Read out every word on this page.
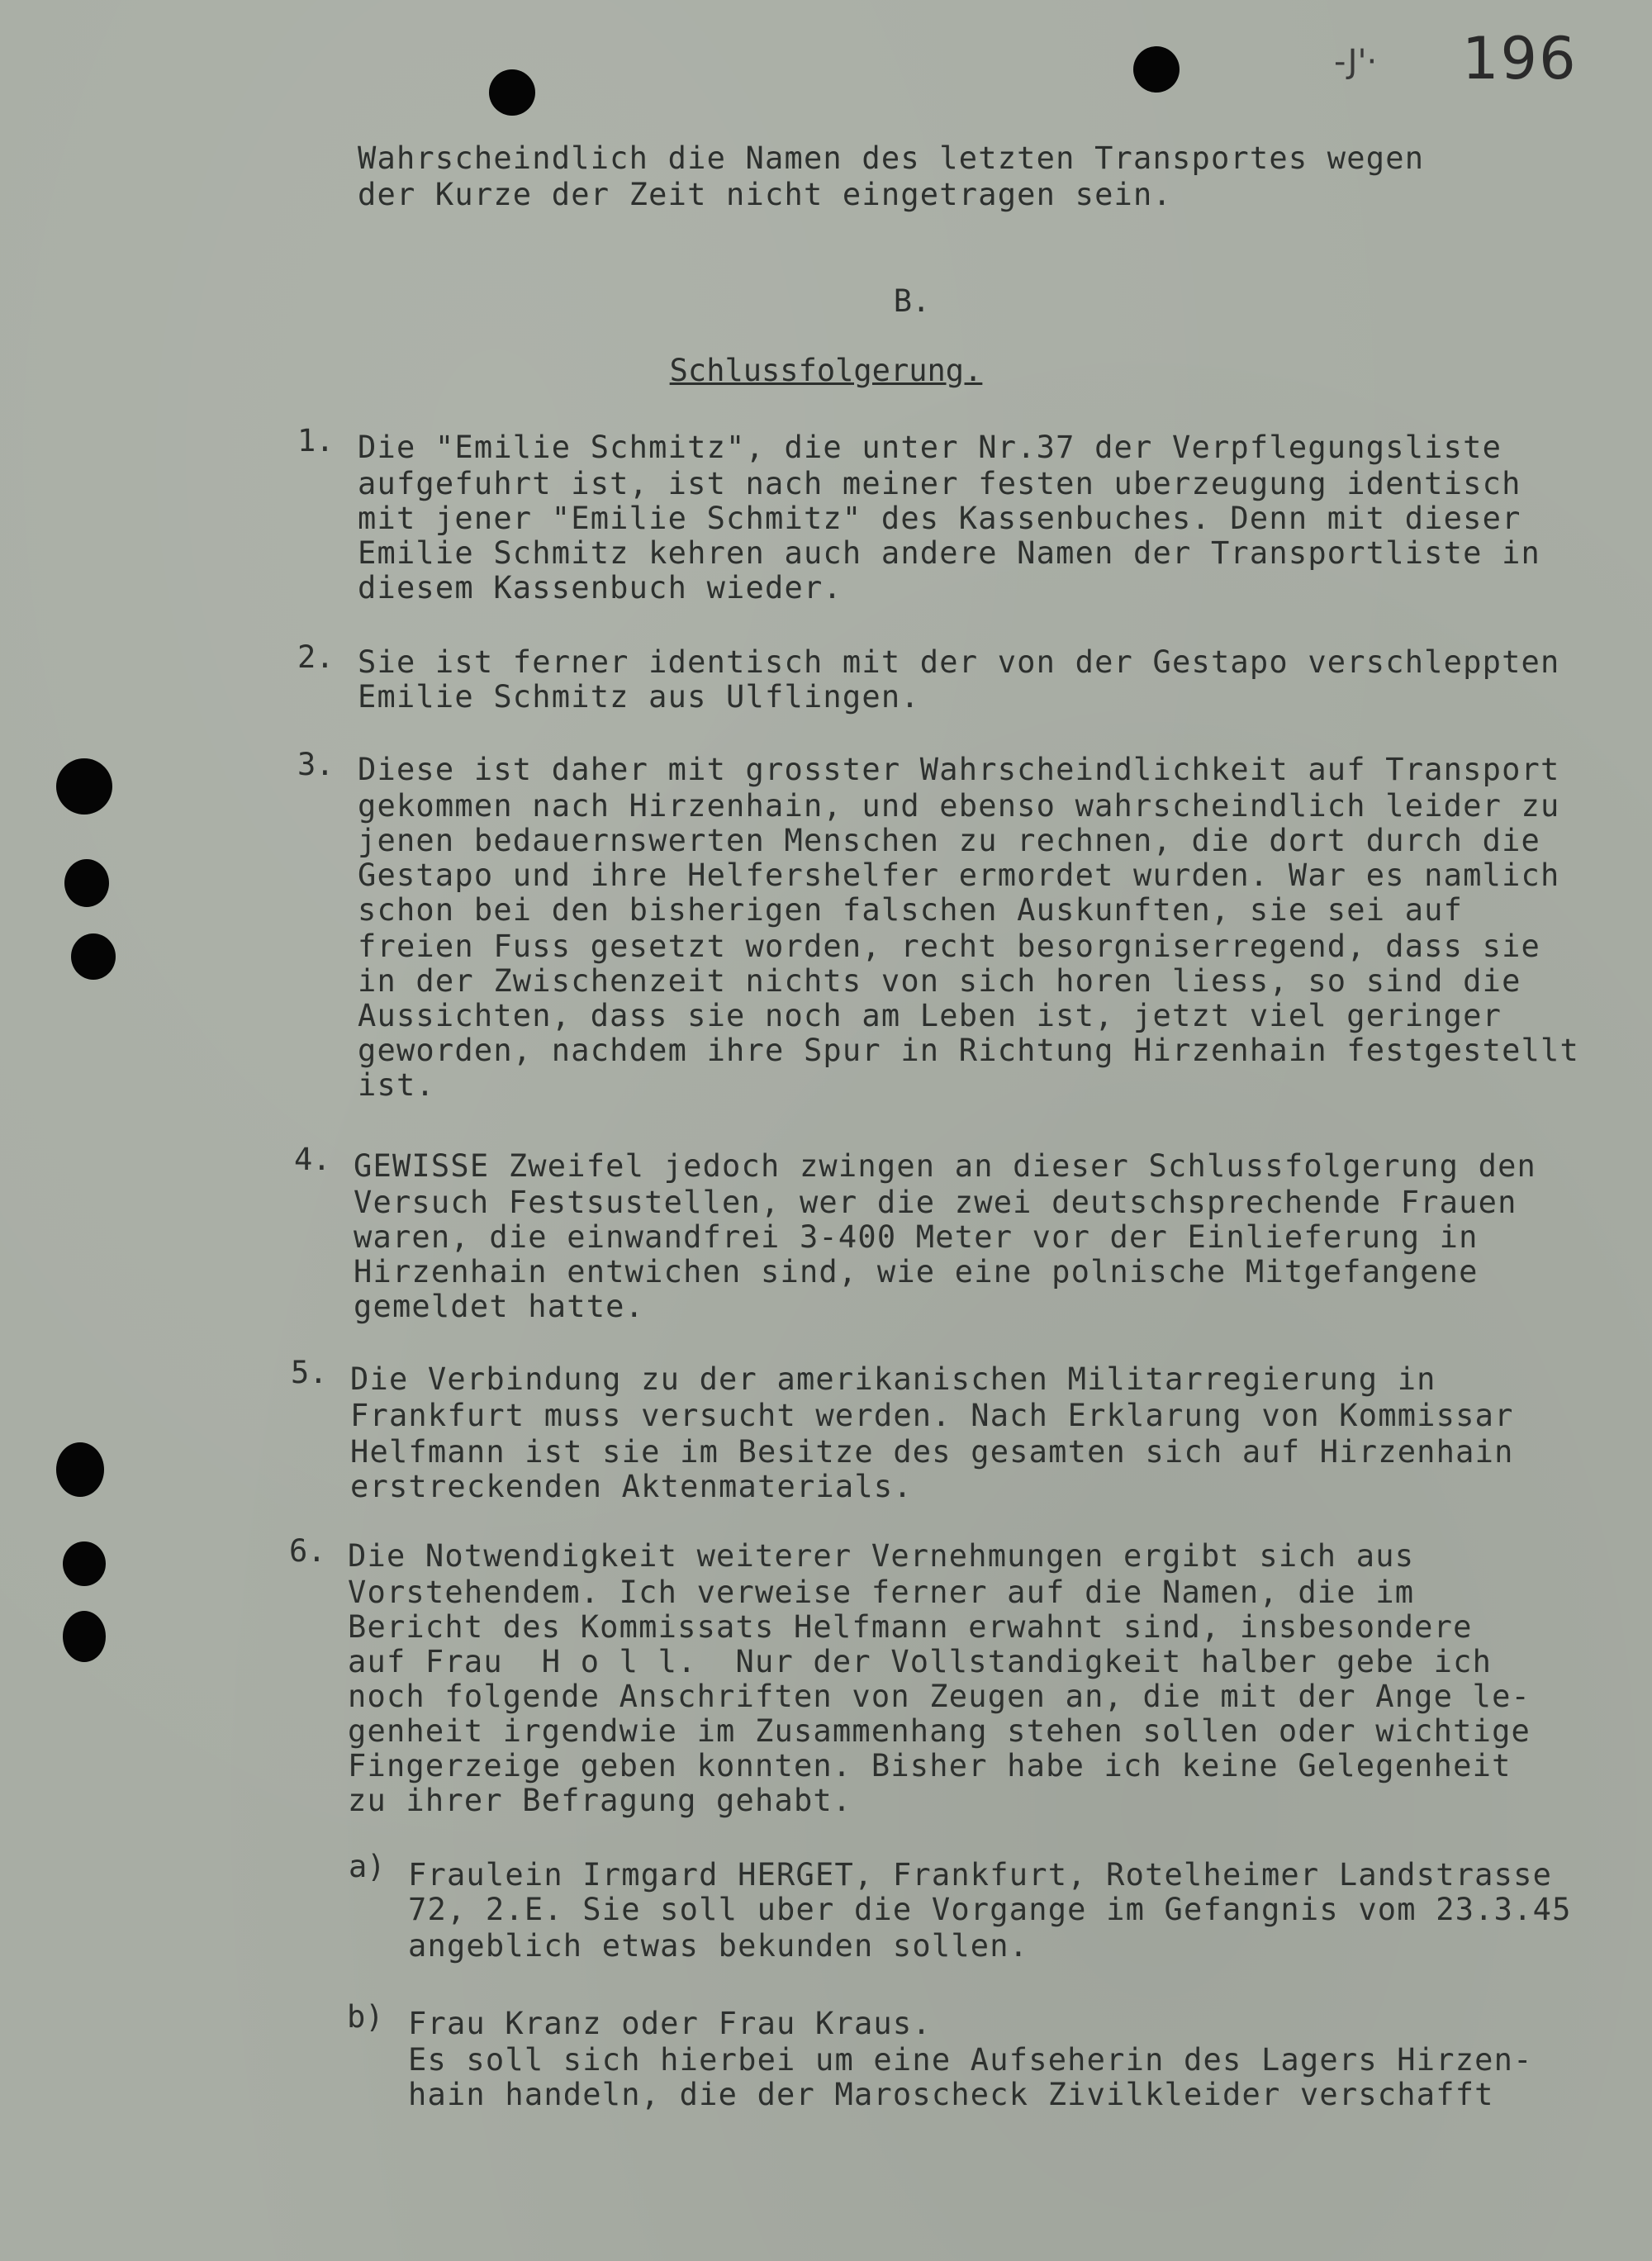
-J'· 196
Wahrscheindlich die Namen des letzten Transportes wegen
der Kurze der Zeit nicht eingetragen sein.
B.
Schlussfolgerung.
1. Die "Emilie Schmitz", die unter Nr.37 der Verpflegungsliste
aufgefuhrt ist, ist nach meiner festen uberzeugung identisch
mit jener "Emilie Schmitz" des Kassenbuches. Denn mit dieser
Emilie Schmitz kehren auch andere Namen der Transportliste in
diesem Kassenbuch wieder.
2. Sie ist ferner identisch mit der von der Gestapo verschleppten
Emilie Schmitz aus Ulflingen.
3. Diese ist daher mit grosster Wahrscheindlichkeit auf Transport
gekommen nach Hirzenhain, und ebenso wahrscheindlich leider zu
jenen bedauernswerten Menschen zu rechnen, die dort durch die
Gestapo und ihre Helfershelfer ermordet wurden. War es namlich
schon bei den bisherigen falschen Auskunften, sie sei auf
freien Fuss gesetzt worden, recht besorgniserregend, dass sie
in der Zwischenzeit nichts von sich horen liess, so sind die
Aussichten, dass sie noch am Leben ist, jetzt viel geringer
geworden, nachdem ihre Spur in Richtung Hirzenhain festgestellt
ist.
4. GEWISSE Zweifel jedoch zwingen an dieser Schlussfolgerung den
Versuch Festsustellen, wer die zwei deutschsprechende Frauen
waren, die einwandfrei 3-400 Meter vor der Einlieferung in
Hirzenhain entwichen sind, wie eine polnische Mitgefangene
gemeldet hatte.
5. Die Verbindung zu der amerikanischen Militarregierung in
Frankfurt muss versucht werden. Nach Erklarung von Kommissar
Helfmann ist sie im Besitze des gesamten sich auf Hirzenhain
erstreckenden Aktenmaterials.
6. Die Notwendigkeit weiterer Vernehmungen ergibt sich aus
Vorstehendem. Ich verweise ferner auf die Namen, die im
Bericht des Kommissats Helfmann erwahnt sind, insbesondere
auf Frau  H o l l.  Nur der Vollstandigkeit halber gebe ich
noch folgende Anschriften von Zeugen an, die mit der Ange le-
genheit irgendwie im Zusammenhang stehen sollen oder wichtige
Fingerzeige geben konnten. Bisher habe ich keine Gelegenheit
zu ihrer Befragung gehabt.
a) Fraulein Irmgard HERGET, Frankfurt, Rotelheimer Landstrasse
72, 2.E. Sie soll uber die Vorgange im Gefangnis vom 23.3.45
angeblich etwas bekunden sollen.
b) Frau Kranz oder Frau Kraus.
Es soll sich hierbei um eine Aufseherin des Lagers Hirzen-
hain handeln, die der Maroscheck Zivilkleider verschafft
